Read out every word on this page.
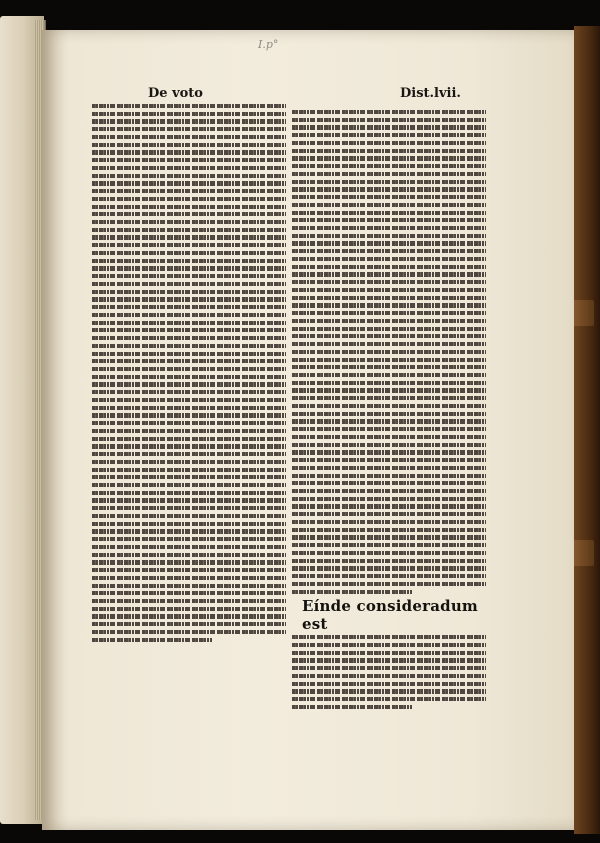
I.p°
De voto	Dist.lvii.
Eínde consideradum est
